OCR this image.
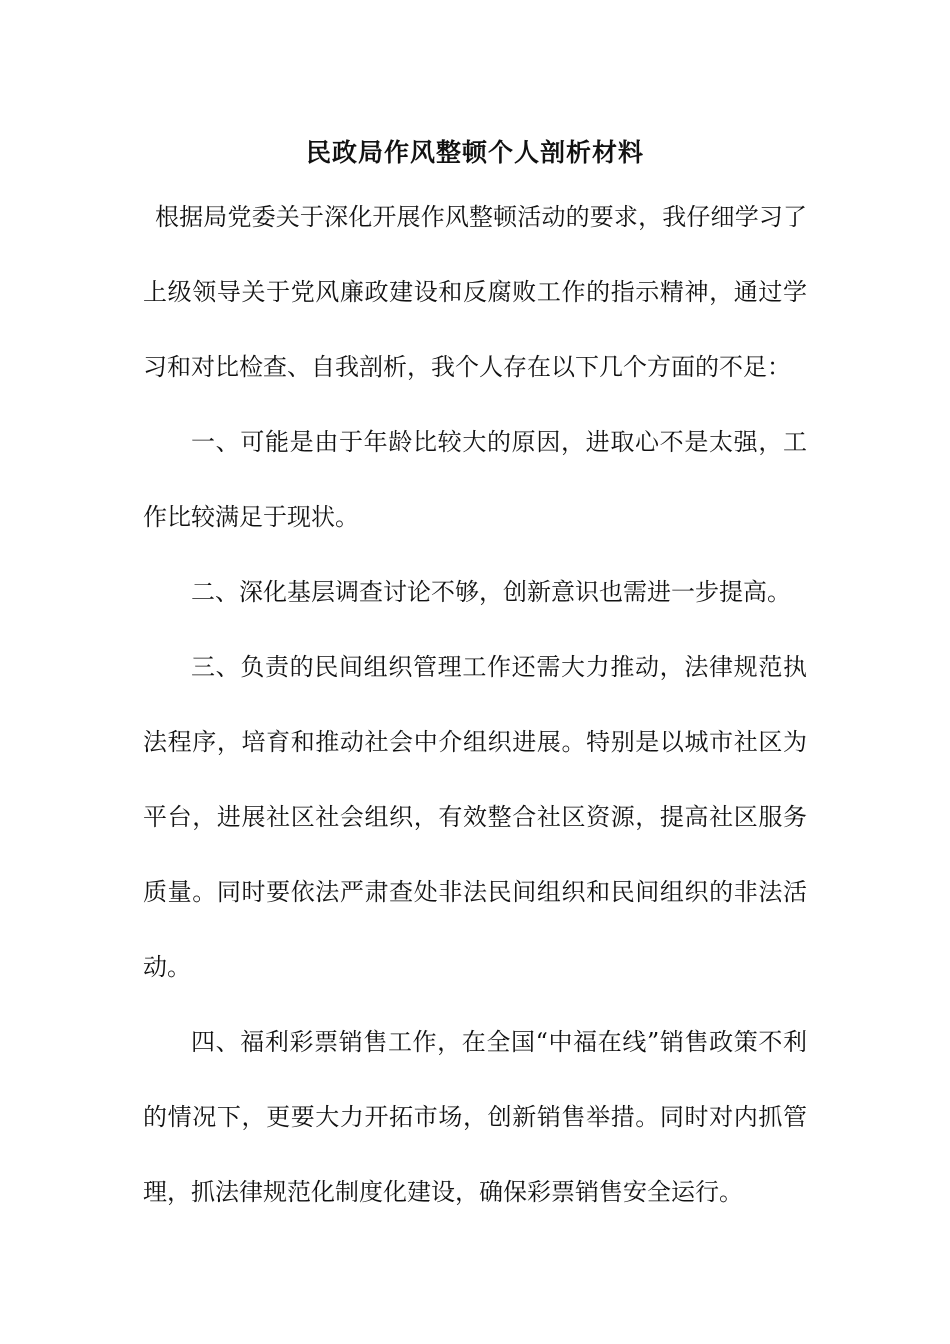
民政局作风整顿个人剖析材料

根据局党委关于深化开展作风整顿活动的要求，我仔细学习了上级领导关于党风廉政建设和反腐败工作的指示精神，通过学习和对比检查、自我剖析，我个人存在以下几个方面的不足：

一、可能是由于年龄比较大的原因，进取心不是太强，工作比较满足于现状。

二、深化基层调查讨论不够，创新意识也需进一步提高。

三、负责的民间组织管理工作还需大力推动，法律规范执法程序，培育和推动社会中介组织进展。特别是以城市社区为平台，进展社区社会组织，有效整合社区资源，提高社区服务质量。同时要依法严肃查处非法民间组织和民间组织的非法活动。

四、福利彩票销售工作，在全国“中福在线”销售政策不利的情况下，更要大力开拓市场，创新销售举措。同时对内抓管理，抓法律规范化制度化建设，确保彩票销售安全运行。
